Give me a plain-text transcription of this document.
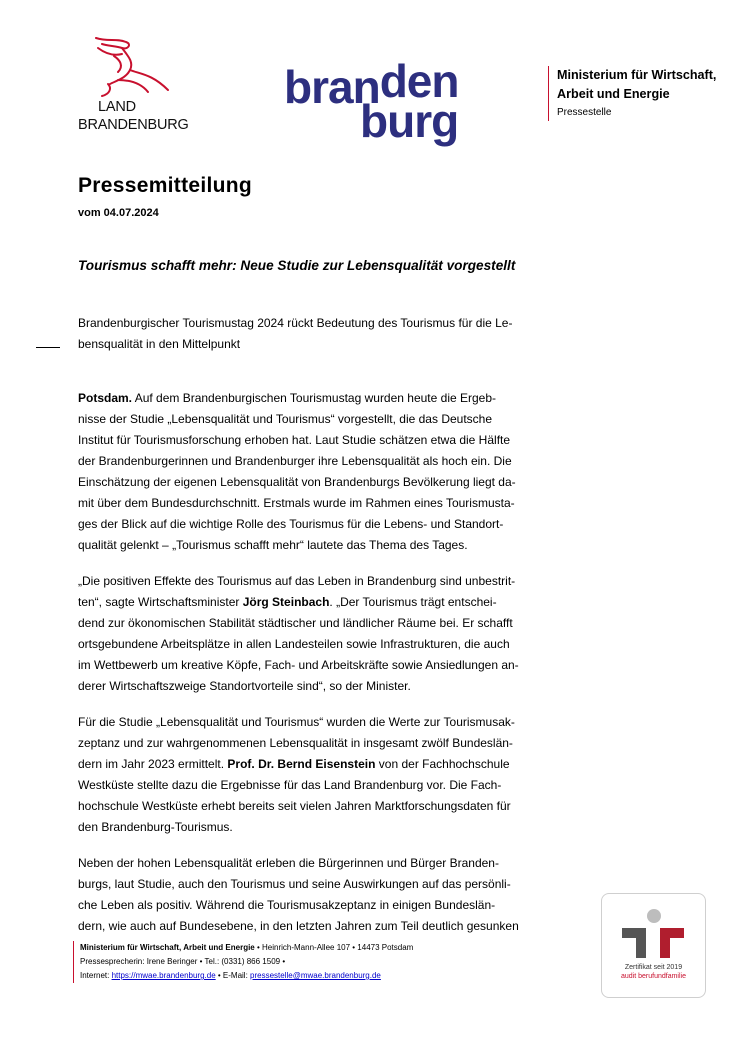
LAND
BRANDENBURG
branden
burg
Ministerium für Wirtschaft,
Arbeit und Energie
Pressestelle
Pressemitteilung
vom 04.07.2024
Tourismus schafft mehr: Neue Studie zur Lebensqualität vorgestellt
Brandenburgischer Tourismustag 2024 rückt Bedeutung des Tourismus für die Le-
bensqualität in den Mittelpunkt
Potsdam. Auf dem Brandenburgischen Tourismustag wurden heute die Ergeb-
nisse der Studie „Lebensqualität und Tourismus“ vorgestellt, die das Deutsche
Institut für Tourismusforschung erhoben hat. Laut Studie schätzen etwa die Hälfte
der Brandenburgerinnen und Brandenburger ihre Lebensqualität als hoch ein. Die
Einschätzung der eigenen Lebensqualität von Brandenburgs Bevölkerung liegt da-
mit über dem Bundesdurchschnitt. Erstmals wurde im Rahmen eines Tourismusta-
ges der Blick auf die wichtige Rolle des Tourismus für die Lebens- und Standort-
qualität gelenkt – „Tourismus schafft mehr“ lautete das Thema des Tages.
„Die positiven Effekte des Tourismus auf das Leben in Brandenburg sind unbestrit-
ten“, sagte Wirtschaftsminister Jörg Steinbach. „Der Tourismus trägt entschei-
dend zur ökonomischen Stabilität städtischer und ländlicher Räume bei. Er schafft
ortsgebundene Arbeitsplätze in allen Landesteilen sowie Infrastrukturen, die auch
im Wettbewerb um kreative Köpfe, Fach- und Arbeitskräfte sowie Ansiedlungen an-
derer Wirtschaftszweige Standortvorteile sind“, so der Minister.
Für die Studie „Lebensqualität und Tourismus“ wurden die Werte zur Tourismusak-
zeptanz und zur wahrgenommenen Lebensqualität in insgesamt zwölf Bundeslän-
dern im Jahr 2023 ermittelt. Prof. Dr. Bernd Eisenstein von der Fachhochschule
Westküste stellte dazu die Ergebnisse für das Land Brandenburg vor. Die Fach-
hochschule Westküste erhebt bereits seit vielen Jahren Marktforschungsdaten für
den Brandenburg-Tourismus.
Neben der hohen Lebensqualität erleben die Bürgerinnen und Bürger Branden-
burgs, laut Studie, auch den Tourismus und seine Auswirkungen auf das persönli-
che Leben als positiv. Während die Tourismusakzeptanz in einigen Bundeslän-
dern, wie auch auf Bundesebene, in den letzten Jahren zum Teil deutlich gesunken
Ministerium für Wirtschaft, Arbeit und Energie • Heinrich-Mann-Allee 107 • 14473 Potsdam
Pressesprecherin: Irene Beringer • Tel.: (0331) 866 1509 •
Internet: https://mwae.brandenburg.de • E-Mail: pressestelle@mwae.brandenburg.de
Zertifikat seit 2019
audit berufundfamilie
